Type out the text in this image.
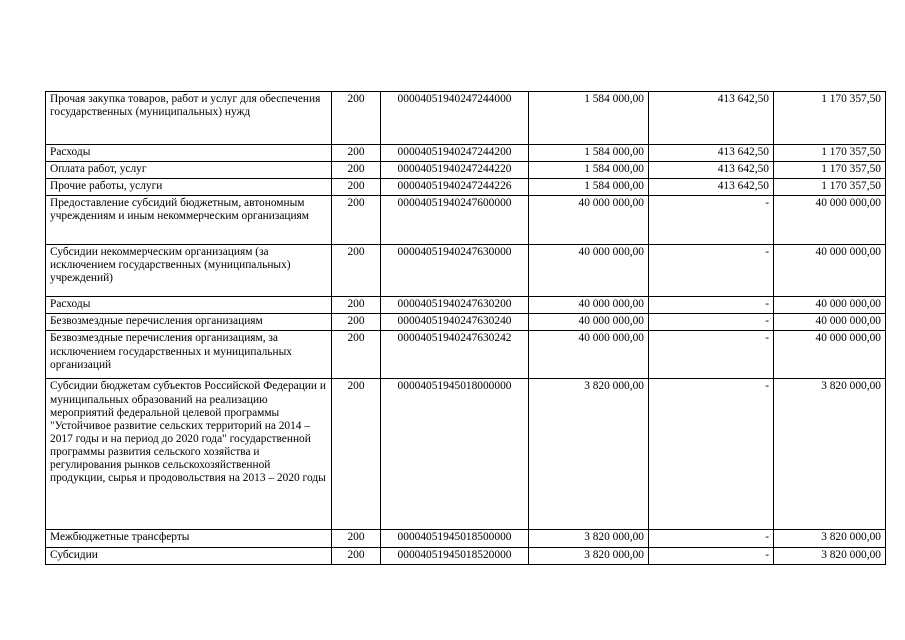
Прочая закупка товаров, работ и услуг для обеспечения государственных (муниципальных) нужд	200	00004051940247244000	1 584 000,00	413 642,50	1 170 357,50
Расходы	200	00004051940247244200	1 584 000,00	413 642,50	1 170 357,50
Оплата работ, услуг	200	00004051940247244220	1 584 000,00	413 642,50	1 170 357,50
Прочие работы, услуги	200	00004051940247244226	1 584 000,00	413 642,50	1 170 357,50
Предоставление субсидий бюджетным, автономным учреждениям и иным некоммерческим организациям	200	00004051940247600000	40 000 000,00	-	40 000 000,00
Субсидии некоммерческим организациям (за исключением государственных (муниципальных) учреждений)	200	00004051940247630000	40 000 000,00	-	40 000 000,00
Расходы	200	00004051940247630200	40 000 000,00	-	40 000 000,00
Безвозмездные перечисления организациям	200	00004051940247630240	40 000 000,00	-	40 000 000,00
Безвозмездные перечисления организациям, за исключением государственных и муниципальных организаций	200	00004051940247630242	40 000 000,00	-	40 000 000,00
Субсидии бюджетам субъектов Российской Федерации и муниципальных образований на реализацию мероприятий федеральной целевой программы "Устойчивое развитие сельских территорий на 2014 – 2017 годы и на период до 2020 года" государственной программы развития сельского хозяйства и регулирования рынков сельскохозяйственной продукции, сырья и продовольствия на 2013 – 2020 годы	200	00004051945018000000	3 820 000,00	-	3 820 000,00
Межбюджетные трансферты	200	00004051945018500000	3 820 000,00	-	3 820 000,00
Субсидии	200	00004051945018520000	3 820 000,00	-	3 820 000,00
